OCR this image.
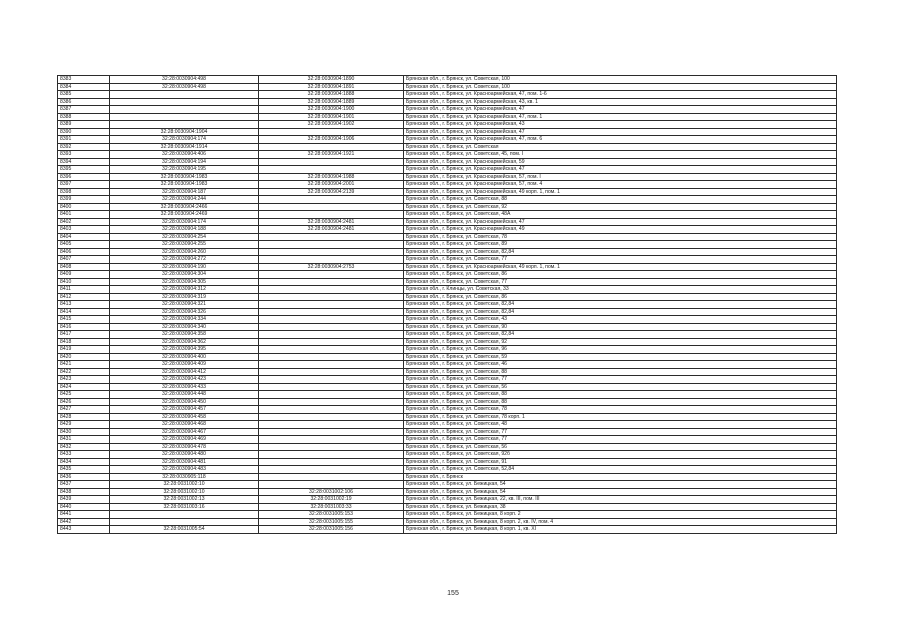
8383	32:28:0030904:498	32:28:0030904:1890	Брянская обл., г. Брянск, ул. Советская, 100
8384	32:28:0030904:498	32:28:0030904:1891	Брянская обл., г. Брянск, ул. Советская, 100
8385		32:28:0030904:1888	Брянская обл., г. Брянск, ул. Красноармейская, 47, пом. 1-6
8386		32:28:0030904:1889	Брянская обл., г. Брянск, ул. Красноармейская, 43, кв. 1
8387		32:28:0030904:1900	Брянская обл., г. Брянск, ул. Красноармейская, 47
8388		32:28:0030904:1901	Брянская обл., г. Брянск, ул. Красноармейская, 47, пом. 1
8389		32:28:0030904:1902	Брянская обл., г. Брянск, ул. Красноармейская, 43
8390	32:28:0030904:1904		Брянская обл., г. Брянск, ул. Красноармейская, 47
8391	32:28:0030904:174	32:28:0030904:1906	Брянская обл., г. Брянск, ул. Красноармейская, 47, пом. 6
8392	32:28:0030904:1914		Брянская обл., г. Брянск, ул. Советская
8393	32:28:0030904:406	32:28:0030904:1921	Брянская обл., г. Брянск, ул. Советская, 45, пом. I
8394	32:28:0030904:194		Брянская обл., г. Брянск, ул. Красноармейская, 59
8395	32:28:0030904:195		Брянская обл., г. Брянск, ул. Красноармейская, 47
8396	32:28:0030904:1983	32:28:0030904:1988	Брянская обл., г. Брянск, ул. Красноармейская, 57, пом. I
8397	32:28:0030904:1983	32:28:0030904:2001	Брянская обл., г. Брянск, ул. Красноармейская, 57, пом. 4
8398	32:28:0030904:187	32:28:0030904:2139	Брянская обл., г. Брянск, ул. Красноармейская, 49 корп. 1, пом. 1
8399	32:28:0030904:244		Брянская обл., г. Брянск, ул. Советская, 88
8400	32:28:0030904:2466		Брянская обл., г. Брянск, ул. Советская, 92
8401	32:28:0030904:2469		Брянская обл., г. Брянск, ул. Советская, 48А
8402	32:28:0030904:174	32:28:0030904:2481	Брянская обл., г. Брянск, ул. Красноармейская, 47
8403	32:28:0030904:188	32:28:0030904:2481	Брянская обл., г. Брянск, ул. Красноармейская, 49
8404	32:28:0030904:254		Брянская обл., г. Брянск, ул. Советская, 78
8405	32:28:0030904:255		Брянская обл., г. Брянск, ул. Советская, 89
8406	32:28:0030904:260		Брянская обл., г. Брянск, ул. Советская, 82,84
8407	32:28:0030904:272		Брянская обл., г. Брянск, ул. Советская, 77
8408	32:28:0030904:190	32:28:0030904:2753	Брянская обл., г. Брянск, ул. Красноармейская, 49 корп. 1, пом. 1
8409	32:28:0030904:304		Брянская обл., г. Брянск, ул. Советская, 86
8410	32:28:0030904:305		Брянская обл., г. Брянск, ул. Советская, 77
8411	32:28:0030904:312		Брянская обл., г. Клинцы, ул. Советская, 33
8412	32:28:0030904:319		Брянская обл., г. Брянск, ул. Советская, 86
8413	32:28:0030904:321		Брянская обл., г. Брянск, ул. Советская, 82,84
8414	32:28:0030904:326		Брянская обл., г. Брянск, ул. Советская, 82,84
8415	32:28:0030904:334		Брянская обл., г. Брянск, ул. Советская, 43
8416	32:28:0030904:340		Брянская обл., г. Брянск, ул. Советская, 90
8417	32:28:0030904:358		Брянская обл., г. Брянск, ул. Советская, 82,84
8418	32:28:0030904:362		Брянская обл., г. Брянск, ул. Советская, 92
8419	32:28:0030904:395		Брянская обл., г. Брянск, ул. Советская, 96
8420	32:28:0030904:400		Брянская обл., г. Брянск, ул. Советская, 59
8421	32:28:0030904:409		Брянская обл., г. Брянск, ул. Советская, 46
8422	32:28:0030904:412		Брянская обл., г. Брянск, ул. Советская, 88
8423	32:28:0030904:423		Брянская обл., г. Брянск, ул. Советская, 77
8424	32:28:0030904:433		Брянская обл., г. Брянск, ул. Советская, 56
8425	32:28:0030904:448		Брянская обл., г. Брянск, ул. Советская, 88
8426	32:28:0030904:450		Брянская обл., г. Брянск, ул. Советская, 88
8427	32:28:0030904:457		Брянская обл., г. Брянск, ул. Советская, 78
8428	32:28:0030904:458		Брянская обл., г. Брянск, ул. Советская, 78 корп. 1
8429	32:28:0030904:468		Брянская обл., г. Брянск, ул. Советская, 48
8430	32:28:0030904:467		Брянская обл., г. Брянск, ул. Советская, 77
8431	32:28:0030904:469		Брянская обл., г. Брянск, ул. Советская, 77
8432	32:28:0030904:478		Брянская обл., г. Брянск, ул. Советская, 56
8433	32:28:0030904:480		Брянская обл., г. Брянск, ул. Советская, 92б
8434	32:28:0030904:481		Брянская обл., г. Брянск, ул. Советская, 91
8435	32:28:0030904:483		Брянская обл., г. Брянск, ул. Советская, 52,84
8436	32:28:0030905:118		Брянская обл., г. Брянск
8437	32:28:0031002:10		Брянская обл., г. Брянск, ул. Бежицкая, 54
8438	32:28:0031002:10	32:28:0031002:106	Брянская обл., г. Брянск, ул. Бежицкая, 54
8439	32:28:0031002:13	32:28:0031002:19	Брянская обл., г. Брянск, ул. Бежицкая, 22, кв. III, пом. III
8440	32:28:0031003:16	32:28:0031003:33	Брянская обл., г. Брянск, ул. Бежицкая, 38
8441		32:28:0031005:153	Брянская обл., г. Брянск, ул. Бежицкая, 8 корп. 2
8442		32:28:0031005:155	Брянская обл., г. Брянск, ул. Бежицкая, 8 корп. 2, кв. IV, пом. 4
8443	32:28:0031005:54	32:28:0031005:156	Брянская обл., г. Брянск, ул. Бежицкая, 8 корп. 1, кв. XI
155
